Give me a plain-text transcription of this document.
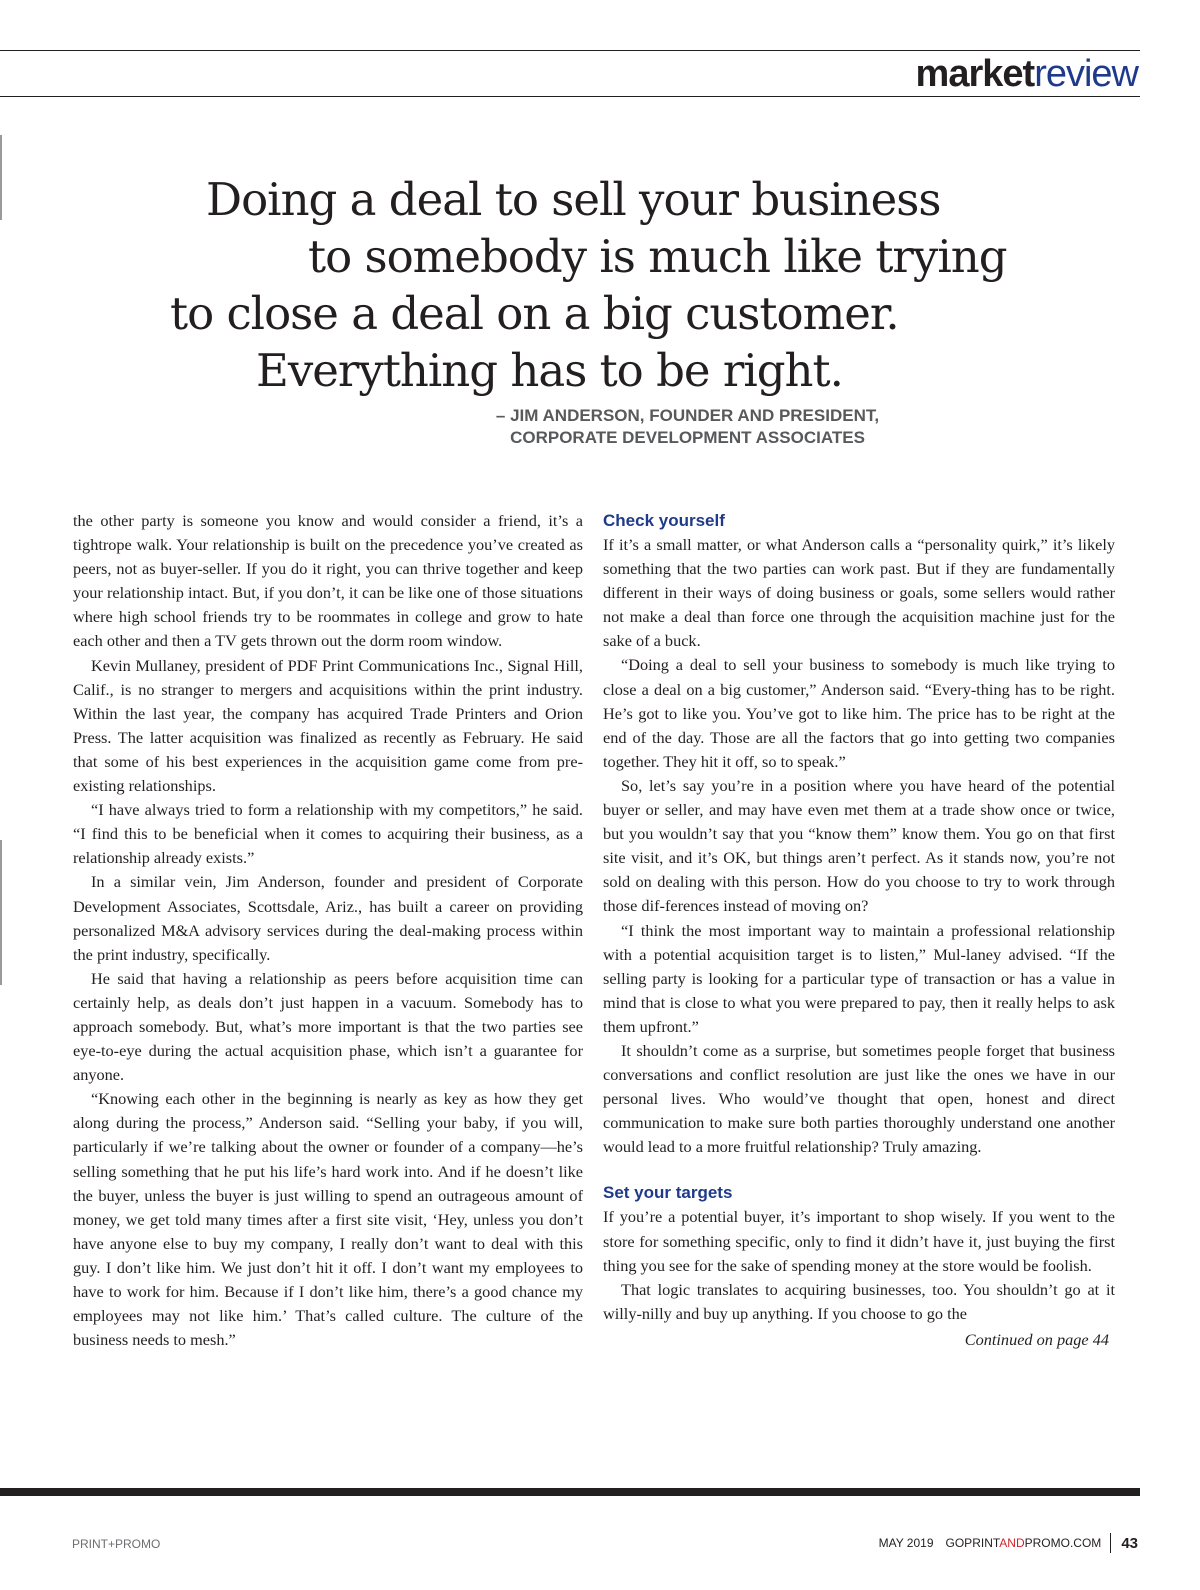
marketreview
Doing a deal to sell your business
to somebody is much like trying
to close a deal on a big customer.
Everything has to be right.
– JIM ANDERSON, FOUNDER AND PRESIDENT,
CORPORATE DEVELOPMENT ASSOCIATES

the other party is someone you know and would consider a friend, it’s a tightrope walk. Your relationship is built on the precedence you’ve created as peers, not as buyer-seller. If you do it right, you can thrive together and keep your relationship intact. But, if you don’t, it can be like one of those situations where high school friends try to be roommates in college and grow to hate each other and then a TV gets thrown out the dorm room window.

Kevin Mullaney, president of PDF Print Communications Inc., Signal Hill, Calif., is no stranger to mergers and acquisitions within the print industry. Within the last year, the company has acquired Trade Printers and Orion Press. The latter acquisition was finalized as recently as February. He said that some of his best experiences in the acquisition game come from pre-existing relationships.

“I have always tried to form a relationship with my competitors,” he said. “I find this to be beneficial when it comes to acquiring their business, as a relationship already exists.”

In a similar vein, Jim Anderson, founder and president of Corporate Development Associates, Scottsdale, Ariz., has built a career on providing personalized M&A advisory services during the deal-making process within the print industry, specifically.

He said that having a relationship as peers before acquisition time can certainly help, as deals don’t just happen in a vacuum. Somebody has to approach somebody. But, what’s more important is that the two parties see eye-to-eye during the actual acquisition phase, which isn’t a guarantee for anyone.

“Knowing each other in the beginning is nearly as key as how they get along during the process,” Anderson said. “Selling your baby, if you will, particularly if we’re talking about the owner or founder of a company—he’s selling something that he put his life’s hard work into. And if he doesn’t like the buyer, unless the buyer is just willing to spend an outrageous amount of money, we get told many times after a first site visit, ‘Hey, unless you don’t have anyone else to buy my company, I really don’t want to deal with this guy. I don’t like him. We just don’t hit it off. I don’t want my employees to have to work for him. Because if I don’t like him, there’s a good chance my employees may not like him.’ That’s called culture. The culture of the business needs to mesh.”

Check yourself

If it’s a small matter, or what Anderson calls a “personality quirk,” it’s likely something that the two parties can work past. But if they are fundamentally different in their ways of doing business or goals, some sellers would rather not make a deal than force one through the acquisition machine just for the sake of a buck.

“Doing a deal to sell your business to somebody is much like trying to close a deal on a big customer,” Anderson said. “Every-thing has to be right. He’s got to like you. You’ve got to like him. The price has to be right at the end of the day. Those are all the factors that go into getting two companies together. They hit it off, so to speak.”

So, let’s say you’re in a position where you have heard of the potential buyer or seller, and may have even met them at a trade show once or twice, but you wouldn’t say that you “know them” know them. You go on that first site visit, and it’s OK, but things aren’t perfect. As it stands now, you’re not sold on dealing with this person. How do you choose to try to work through those dif-ferences instead of moving on?

“I think the most important way to maintain a professional relationship with a potential acquisition target is to listen,” Mul-laney advised. “If the selling party is looking for a particular type of transaction or has a value in mind that is close to what you were prepared to pay, then it really helps to ask them upfront.”

It shouldn’t come as a surprise, but sometimes people forget that business conversations and conflict resolution are just like the ones we have in our personal lives. Who would’ve thought that open, honest and direct communication to make sure both parties thoroughly understand one another would lead to a more fruitful relationship? Truly amazing.

Set your targets

If you’re a potential buyer, it’s important to shop wisely. If you went to the store for something specific, only to find it didn’t have it, just buying the first thing you see for the sake of spending money at the store would be foolish.

That logic translates to acquiring businesses, too. You shouldn’t go at it willy-nilly and buy up anything. If you choose to go the

Continued on page 44
PRINT+PROMO	MAY 2019 GOPRINTANDPROMO.COM 43
